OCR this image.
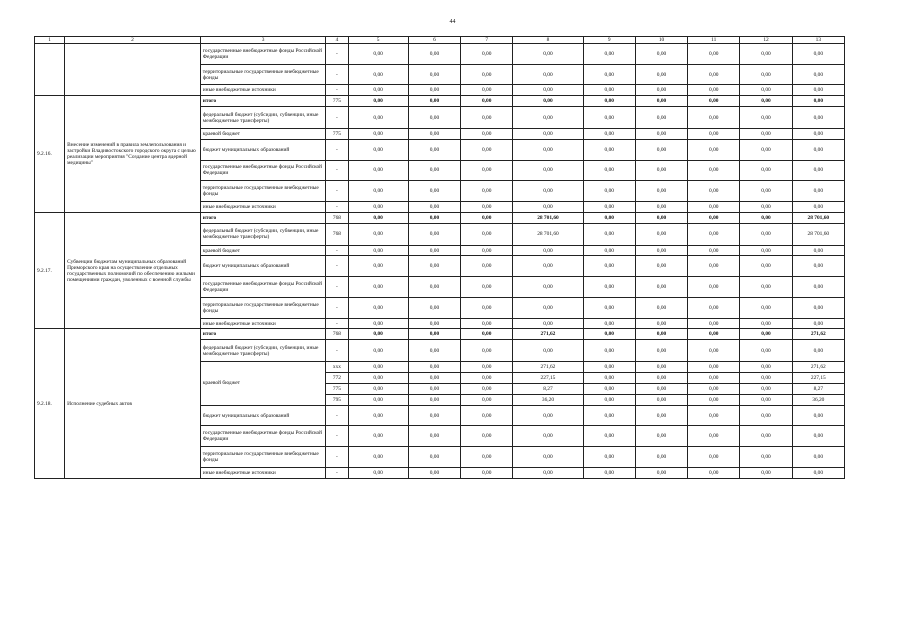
44
1	2	3	4	5	6	7	8	9	10	11	12	13
		государственные внебюджетные фонды Российской Федерации	-	0,00	0,00	0,00	0,00	0,00	0,00	0,00	0,00	0,00
		территориальные государственные внебюджетные фонды	-	0,00	0,00	0,00	0,00	0,00	0,00	0,00	0,00	0,00
		иные внебюджетные источники	-	0,00	0,00	0,00	0,00	0,00	0,00	0,00	0,00	0,00
9.2.16.	Внесение изменений в правила землепользования и застройки Владивостокского городского округа с целью реализации мероприятия "Создание центра ядерной медицины"	итого	775	0,00	0,00	0,00	0,00	0,00	0,00	0,00	0,00	0,00
		федеральный бюджет (субсидии, субвенции, иные межбюджетные трансферты)	-	0,00	0,00	0,00	0,00	0,00	0,00	0,00	0,00	0,00
		краевой бюджет	775	0,00	0,00	0,00	0,00	0,00	0,00	0,00	0,00	0,00
		бюджет муниципальных образований	-	0,00	0,00	0,00	0,00	0,00	0,00	0,00	0,00	0,00
		государственные внебюджетные фонды Российской Федерации	-	0,00	0,00	0,00	0,00	0,00	0,00	0,00	0,00	0,00
		территориальные государственные внебюджетные фонды	-	0,00	0,00	0,00	0,00	0,00	0,00	0,00	0,00	0,00
		иные внебюджетные источники	-	0,00	0,00	0,00	0,00	0,00	0,00	0,00	0,00	0,00
9.2.17.	Субвенции бюджетам муниципальных образований Приморского края на осуществление отдельных государственных полномочий по обеспечению жилыми помещениями граждан, уволенных с военной службы	итого	768	0,00	0,00	0,00	28 701,60	0,00	0,00	0,00	0,00	28 701,60
		федеральный бюджет (субсидии, субвенции, иные межбюджетные трансферты)	768	0,00	0,00	0,00	28 701,60	0,00	0,00	0,00	0,00	28 701,60
		краевой бюджет	-	0,00	0,00	0,00	0,00	0,00	0,00	0,00	0,00	0,00
		бюджет муниципальных образований	-	0,00	0,00	0,00	0,00	0,00	0,00	0,00	0,00	0,00
		государственные внебюджетные фонды Российской Федерации	-	0,00	0,00	0,00	0,00	0,00	0,00	0,00	0,00	0,00
		территориальные государственные внебюджетные фонды	-	0,00	0,00	0,00	0,00	0,00	0,00	0,00	0,00	0,00
		иные внебюджетные источники	-	0,00	0,00	0,00	0,00	0,00	0,00	0,00	0,00	0,00
9.2.18.	Исполнение судебных актов	итого	768	0,00	0,00	0,00	271,62	0,00	0,00	0,00	0,00	271,62
		федеральный бюджет (субсидии, субвенции, иные межбюджетные трансферты)	-	0,00	0,00	0,00	0,00	0,00	0,00	0,00	0,00	0,00
		краевой бюджет	xxx	0,00	0,00	0,00	271,62	0,00	0,00	0,00	0,00	271,62
			772	0,00	0,00	0,00	227,15	0,00	0,00	0,00	0,00	227,15
			775	0,00	0,00	0,00	8,27	0,00	0,00	0,00	0,00	8,27
			795	0,00	0,00	0,00	36,20	0,00	0,00	0,00	0,00	36,20
		бюджет муниципальных образований	-	0,00	0,00	0,00	0,00	0,00	0,00	0,00	0,00	0,00
		государственные внебюджетные фонды Российской Федерации	-	0,00	0,00	0,00	0,00	0,00	0,00	0,00	0,00	0,00
		территориальные государственные внебюджетные фонды	-	0,00	0,00	0,00	0,00	0,00	0,00	0,00	0,00	0,00
		иные внебюджетные источники	-	0,00	0,00	0,00	0,00	0,00	0,00	0,00	0,00	0,00
